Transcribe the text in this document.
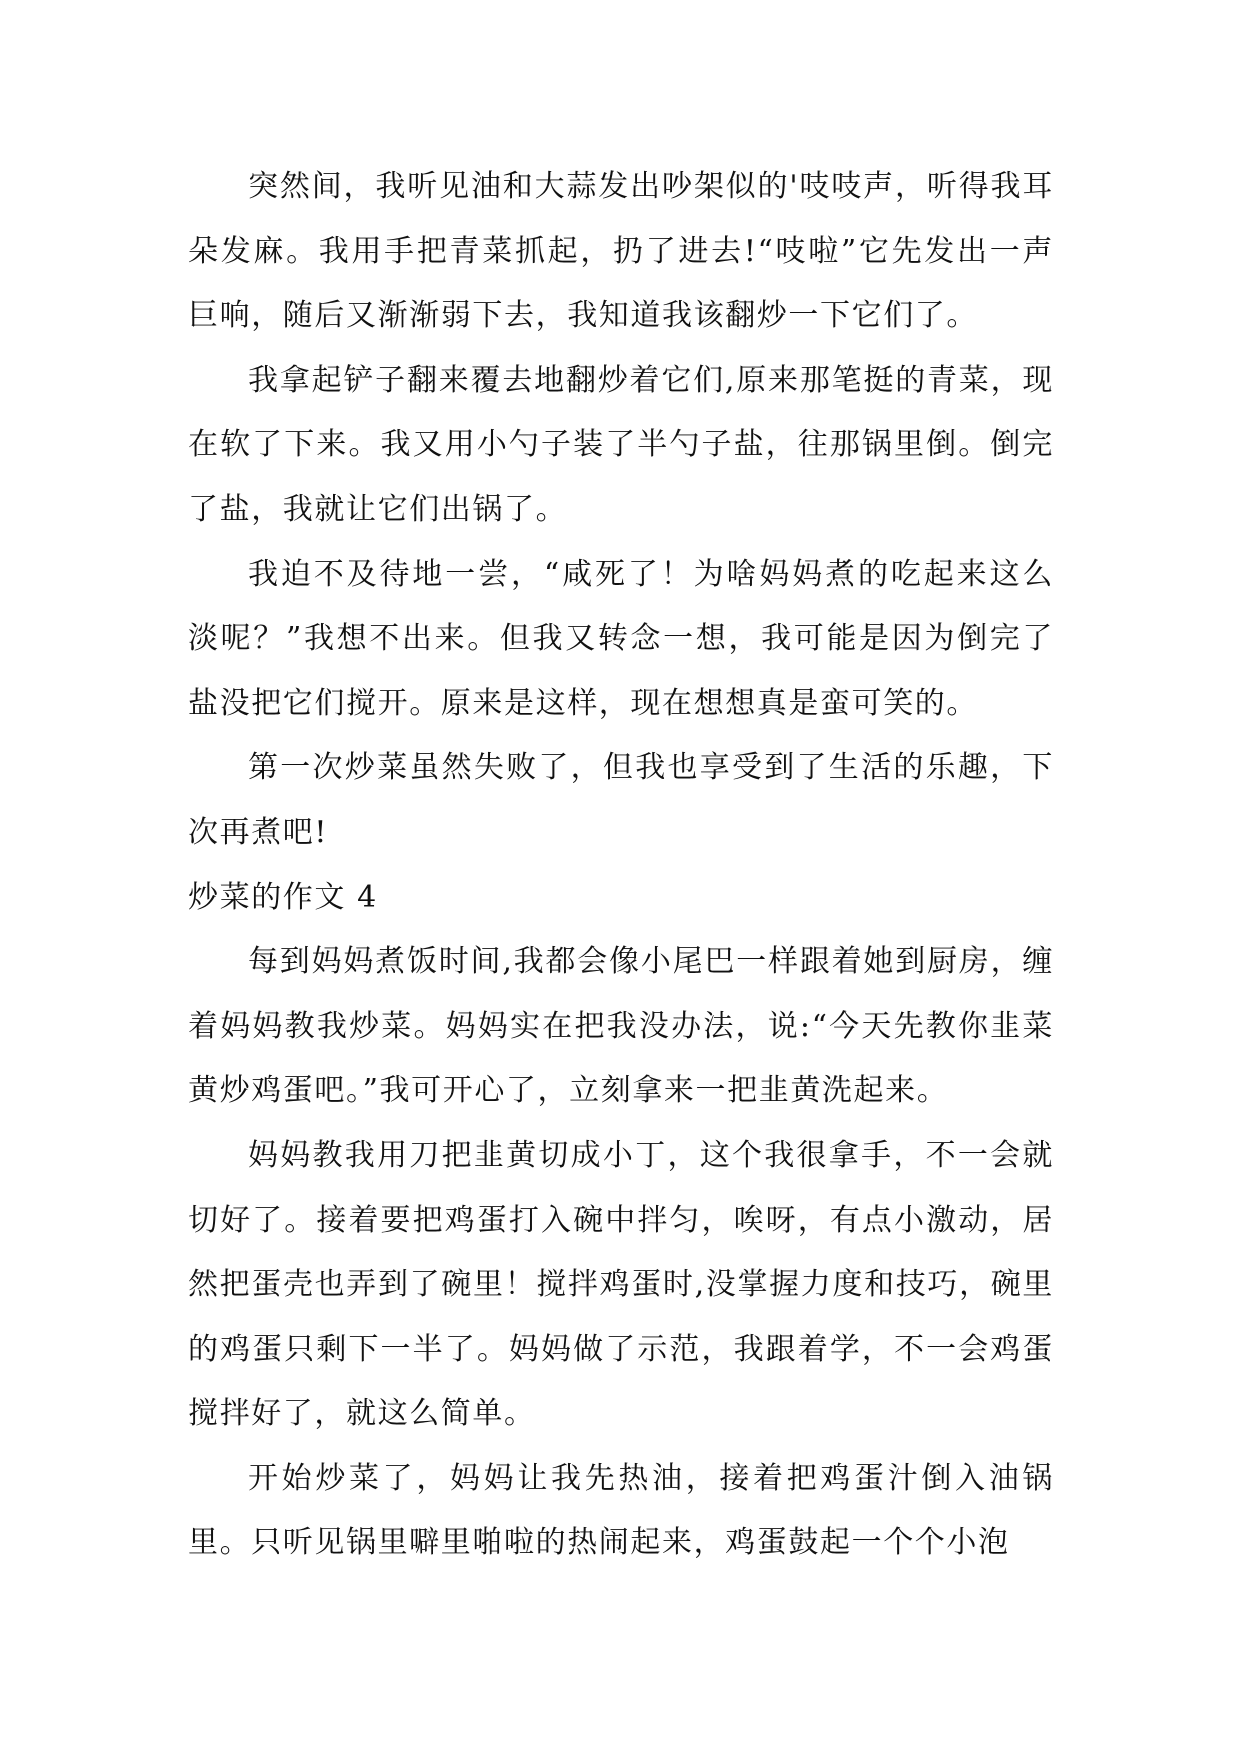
突然间，我听见油和大蒜发出吵架似的'吱吱声，听得我耳朵发麻。我用手把青菜抓起，扔了进去!“吱啦”它先发出一声巨响，随后又渐渐弱下去，我知道我该翻炒一下它们了。

我拿起铲子翻来覆去地翻炒着它们,原来那笔挺的青菜，现在软了下来。我又用小勺子装了半勺子盐，往那锅里倒。倒完了盐，我就让它们出锅了。

我迫不及待地一尝，“咸死了！为啥妈妈煮的吃起来这么淡呢？”我想不出来。但我又转念一想，我可能是因为倒完了盐没把它们搅开。原来是这样，现在想想真是蛮可笑的。

第一次炒菜虽然失败了，但我也享受到了生活的乐趣，下次再煮吧!

炒菜的作文 4

每到妈妈煮饭时间,我都会像小尾巴一样跟着她到厨房，缠着妈妈教我炒菜。妈妈实在把我没办法，说:“今天先教你韭菜黄炒鸡蛋吧。”我可开心了，立刻拿来一把韭黄洗起来。

妈妈教我用刀把韭黄切成小丁，这个我很拿手，不一会就切好了。接着要把鸡蛋打入碗中拌匀，唉呀，有点小激动，居然把蛋壳也弄到了碗里！搅拌鸡蛋时,没掌握力度和技巧，碗里的鸡蛋只剩下一半了。妈妈做了示范，我跟着学，不一会鸡蛋搅拌好了，就这么简单。

开始炒菜了，妈妈让我先热油，接着把鸡蛋汁倒入油锅里。只听见锅里噼里啪啦的热闹起来，鸡蛋鼓起一个个小泡
